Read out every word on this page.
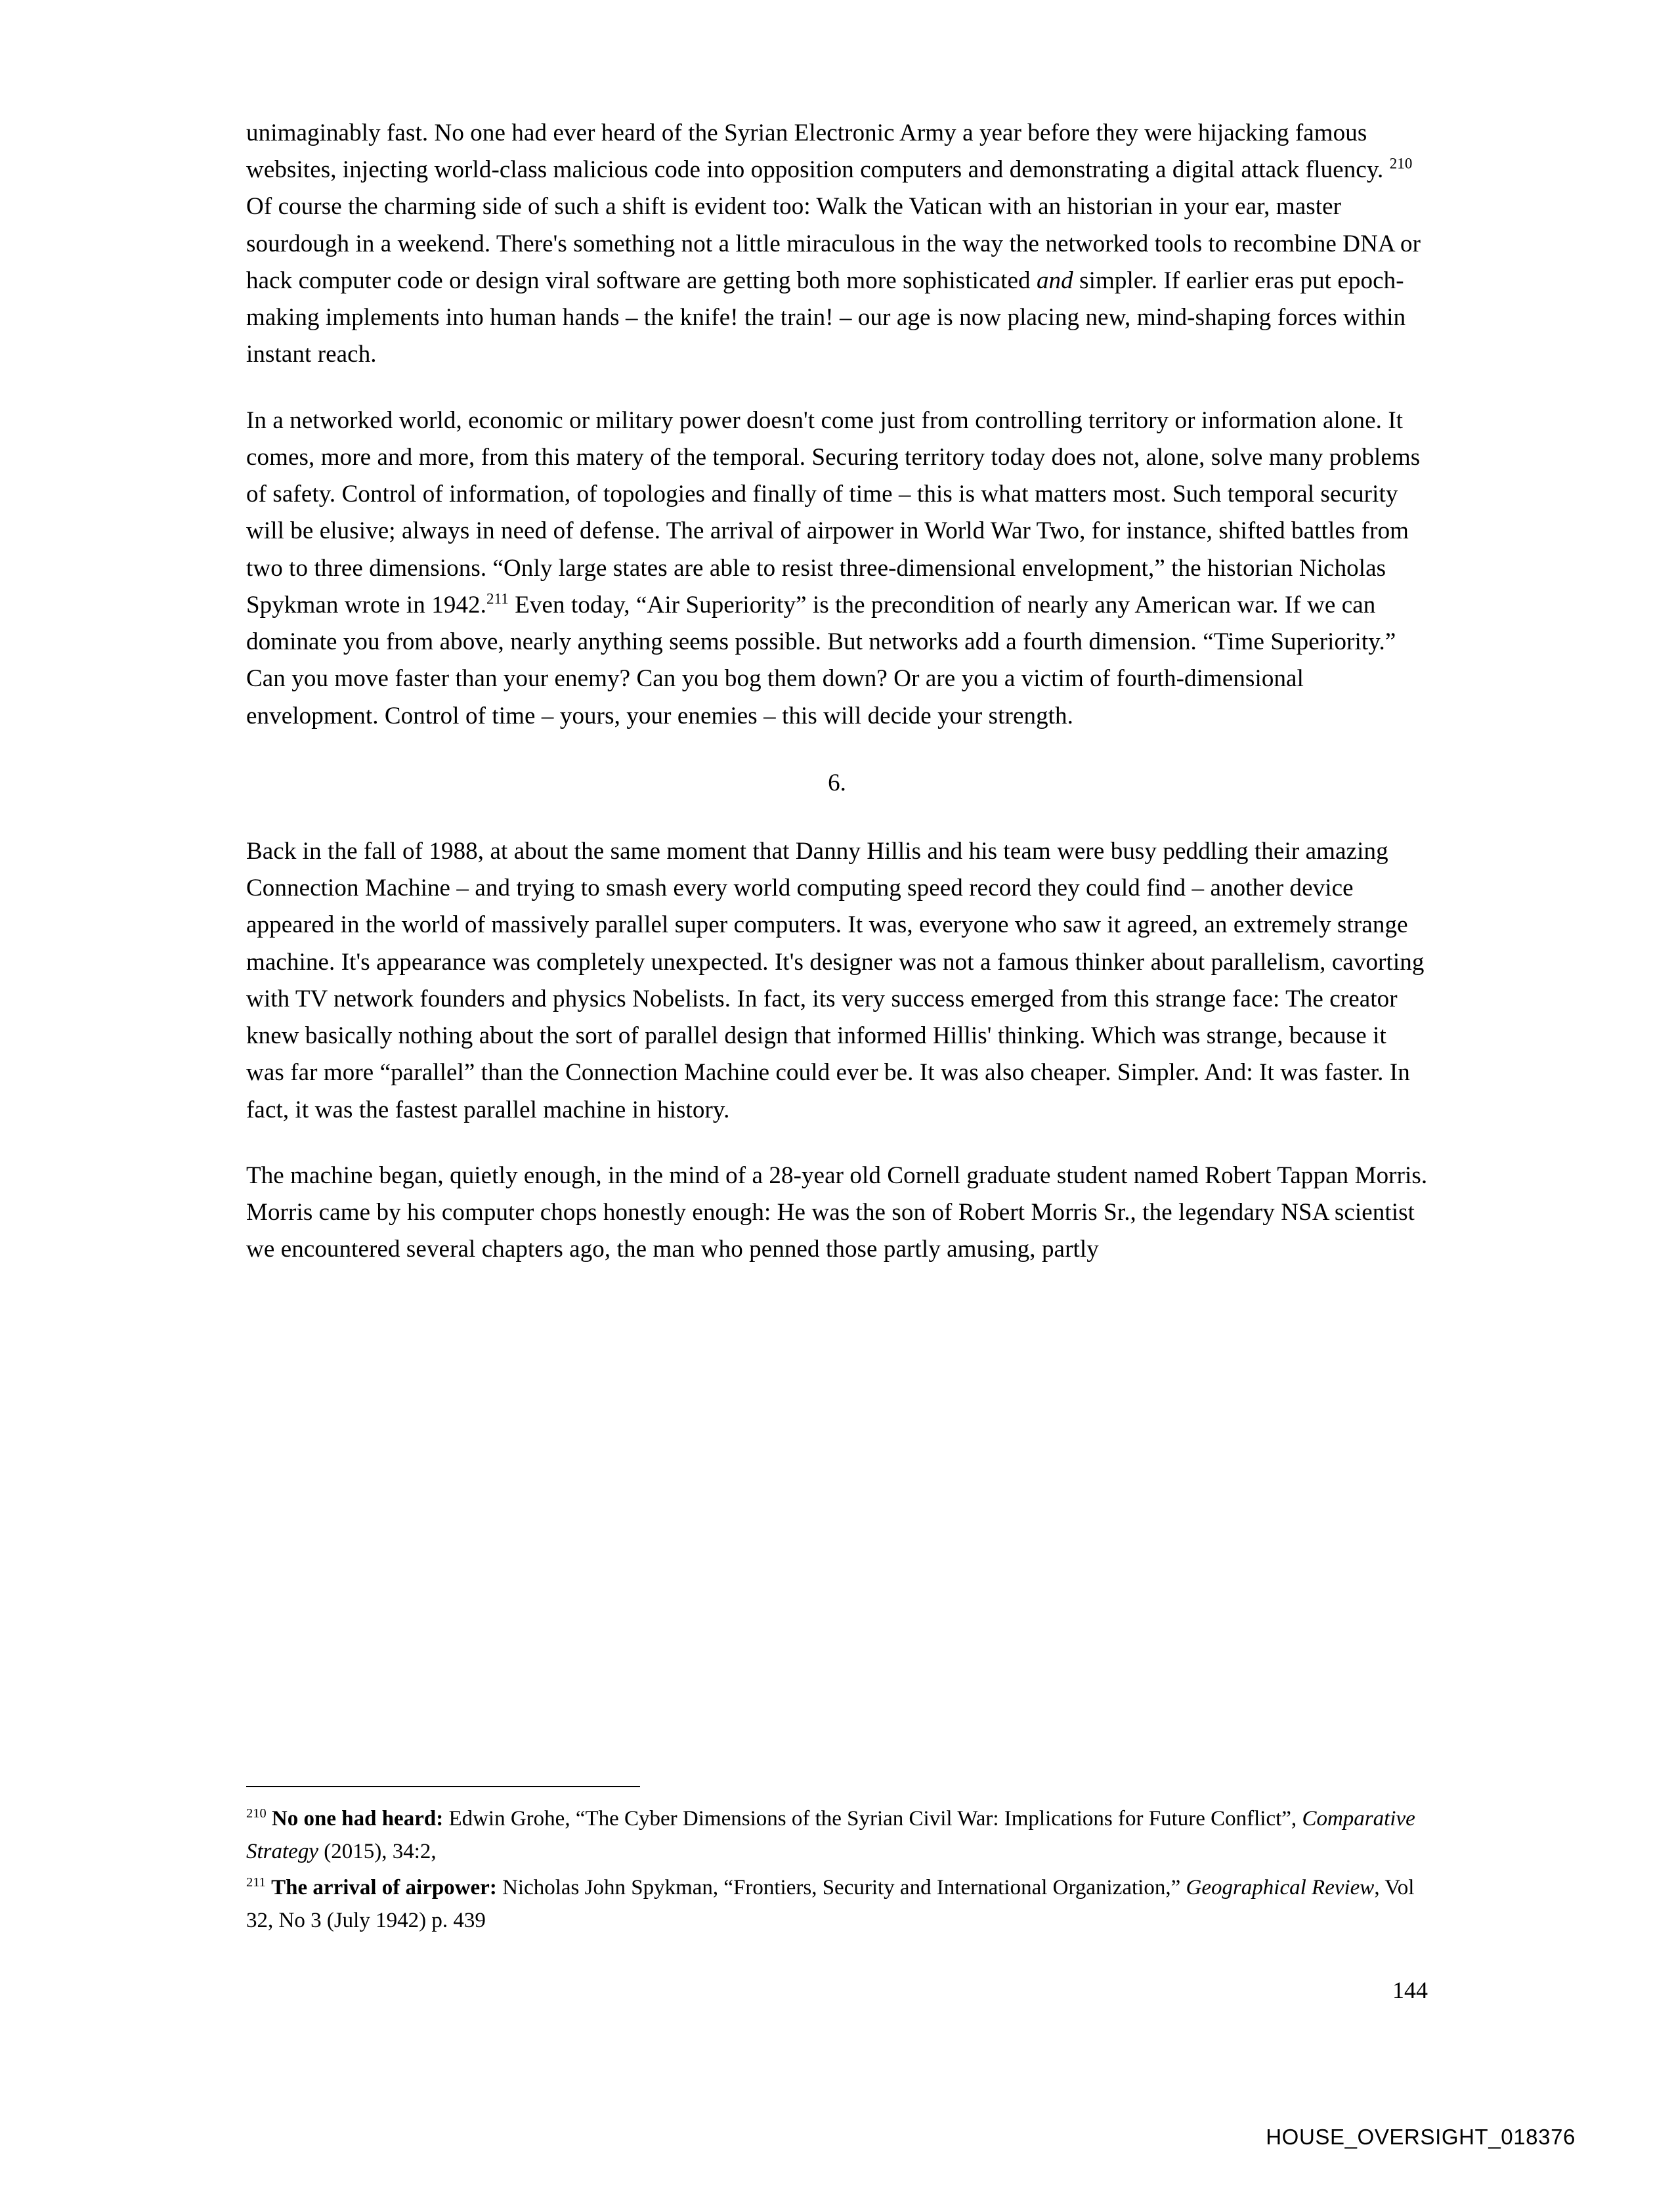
unimaginably fast. No one had ever heard of the Syrian Electronic Army a year before they were hijacking famous websites, injecting world-class malicious code into opposition computers and demonstrating a digital attack fluency. $^{210}$ Of course the charming side of such a shift is evident too: Walk the Vatican with an historian in your ear, master sourdough in a weekend. There's something not a little miraculous in the way the networked tools to recombine DNA or hack computer code or design viral software are getting both more sophisticated and simpler. If earlier eras put epoch-making implements into human hands – the knife! the train! – our age is now placing new, mind-shaping forces within instant reach.

In a networked world, economic or military power doesn't come just from controlling territory or information alone. It comes, more and more, from this matery of the temporal. Securing territory today does not, alone, solve many problems of safety. Control of information, of topologies and finally of time – this is what matters most. Such temporal security will be elusive; always in need of defense. The arrival of airpower in World War Two, for instance, shifted battles from two to three dimensions. “Only large states are able to resist three-dimensional envelopment,” the historian Nicholas Spykman wrote in 1942.$^{211}$ Even today, “Air Superiority” is the precondition of nearly any American war. If we can dominate you from above, nearly anything seems possible. But networks add a fourth dimension. “Time Superiority.” Can you move faster than your enemy? Can you bog them down? Or are you a victim of fourth-dimensional envelopment. Control of time – yours, your enemies – this will decide your strength.

6.

Back in the fall of 1988, at about the same moment that Danny Hillis and his team were busy peddling their amazing Connection Machine – and trying to smash every world computing speed record they could find – another device appeared in the world of massively parallel super computers. It was, everyone who saw it agreed, an extremely strange machine. It's appearance was completely unexpected. It's designer was not a famous thinker about parallelism, cavorting with TV network founders and physics Nobelists. In fact, its very success emerged from this strange face: The creator knew basically nothing about the sort of parallel design that informed Hillis' thinking. Which was strange, because it was far more “parallel” than the Connection Machine could ever be. It was also cheaper. Simpler. And: It was faster. In fact, it was the fastest parallel machine in history.

The machine began, quietly enough, in the mind of a 28-year old Cornell graduate student named Robert Tappan Morris. Morris came by his computer chops honestly enough: He was the son of Robert Morris Sr., the legendary NSA scientist we encountered several chapters ago, the man who penned those partly amusing, partly

$^{210}$ No one had heard: Edwin Grohe, “The Cyber Dimensions of the Syrian Civil War: Implications for Future Conflict”, Comparative Strategy (2015), 34:2,
$^{211}$ The arrival of airpower: Nicholas John Spykman, “Frontiers, Security and International Organization,” Geographical Review, Vol 32, No 3 (July 1942) p. 439
144
HOUSE_OVERSIGHT_018376
